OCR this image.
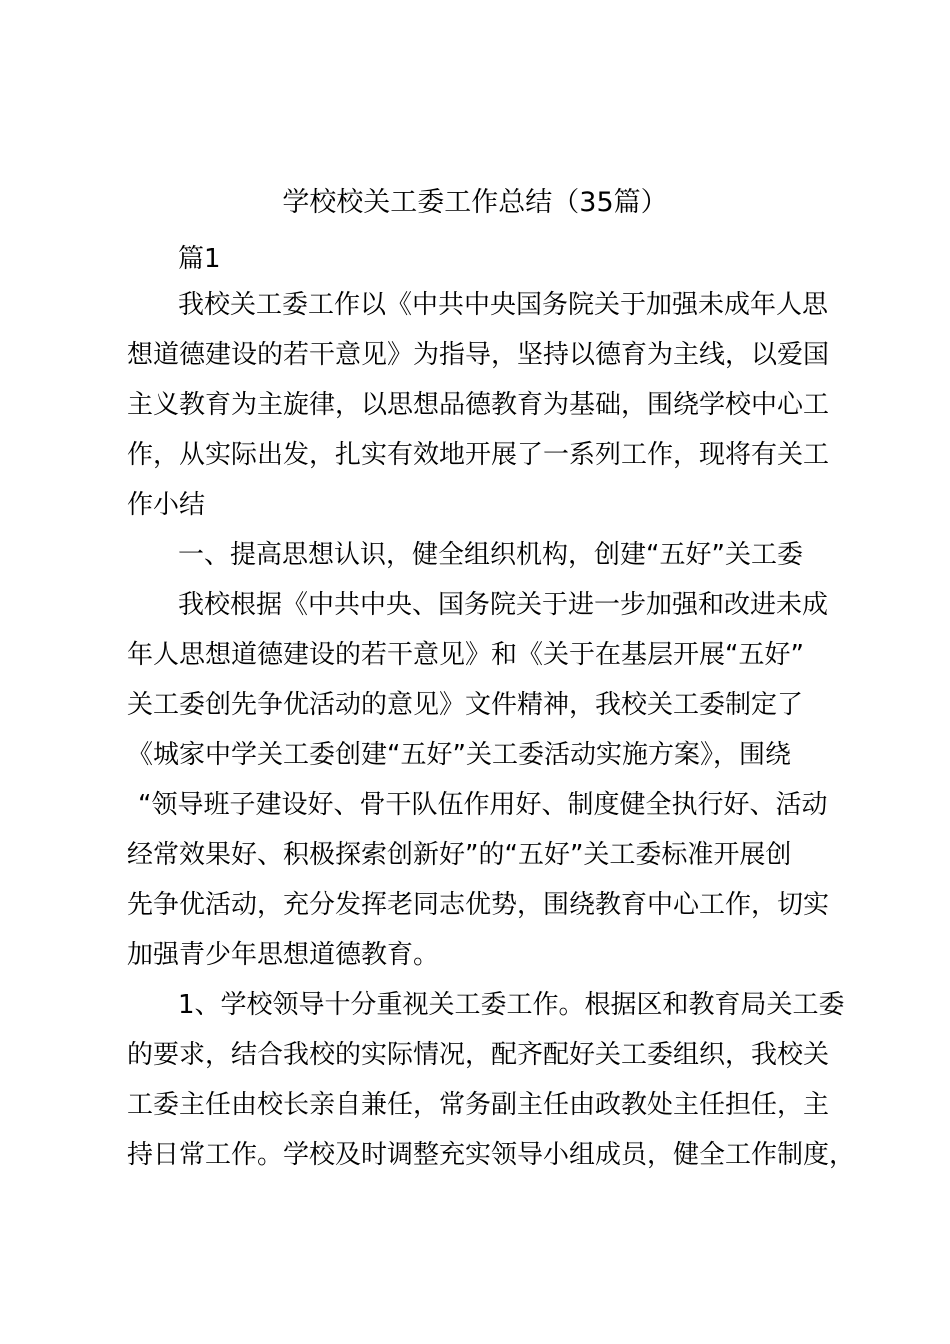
学校校关工委工作总结（35篇）
篇1
我校关工委工作以《中共中央国务院关于加强未成年人思
想道德建设的若干意见》为指导，坚持以德育为主线，以爱国
主义教育为主旋律，以思想品德教育为基础，围绕学校中心工
作，从实际出发，扎实有效地开展了一系列工作，现将有关工
作小结
一、提高思想认识，健全组织机构，创建“五好”关工委
我校根据《中共中央、国务院关于进一步加强和改进未成
年人思想道德建设的若干意见》和《关于在基层开展“五好”
关工委创先争优活动的意见》文件精神，我校关工委制定了
《城家中学关工委创建“五好”关工委活动实施方案》，围绕
“领导班子建设好、骨干队伍作用好、制度健全执行好、活动
经常效果好、积极探索创新好”的“五好”关工委标准开展创
先争优活动，充分发挥老同志优势，围绕教育中心工作，切实
加强青少年思想道德教育。
1、学校领导十分重视关工委工作。根据区和教育局关工委
的要求，结合我校的实际情况，配齐配好关工委组织，我校关
工委主任由校长亲自兼任，常务副主任由政教处主任担任，主
持日常工作。学校及时调整充实领导小组成员，健全工作制度，
